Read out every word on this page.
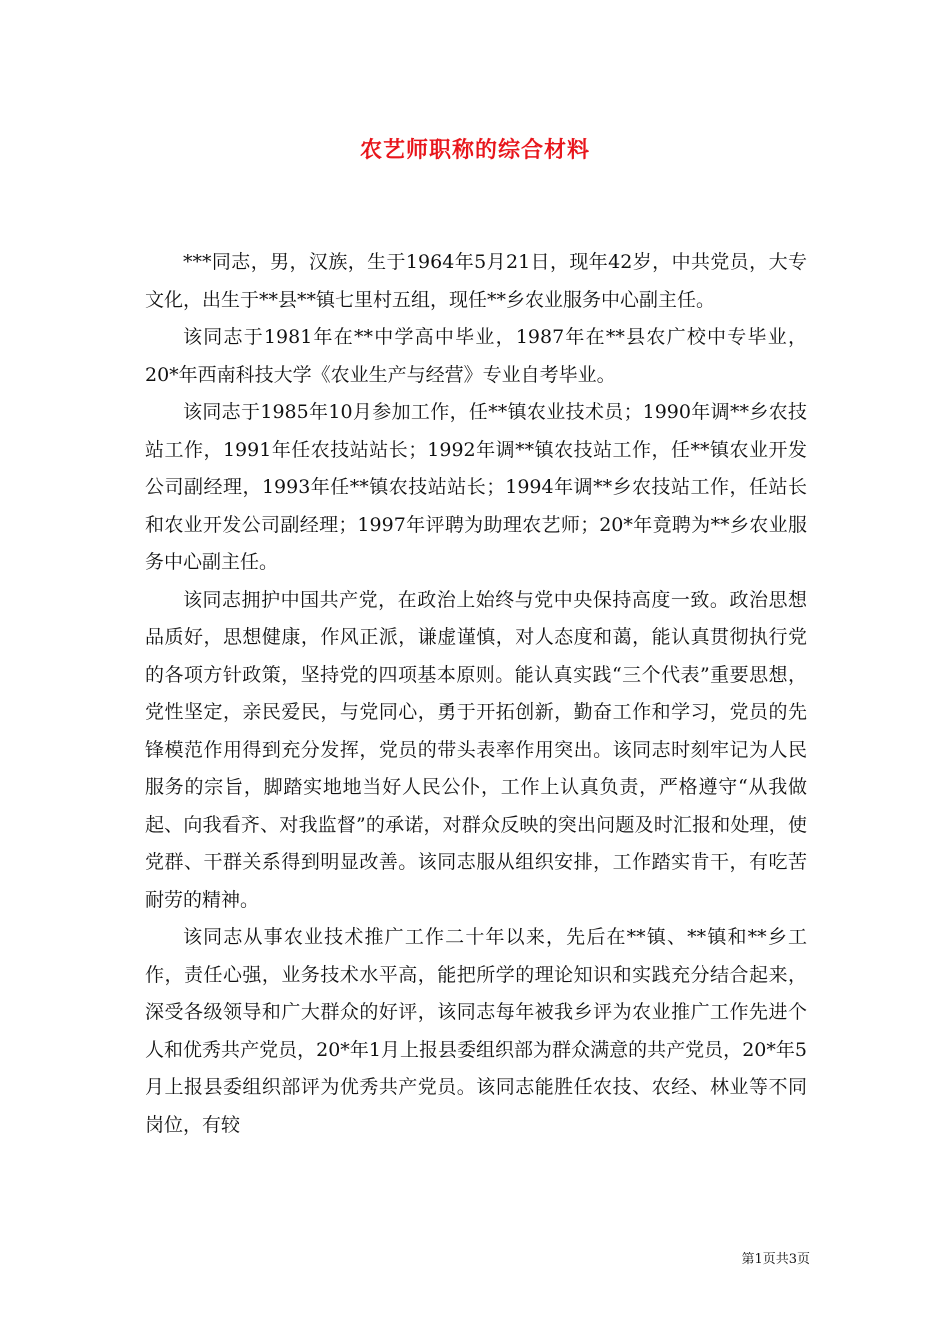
农艺师职称的综合材料

***同志，男，汉族，生于1964年5月21日，现年42岁，中共党员，大专文化，出生于**县**镇七里村五组，现任**乡农业服务中心副主任。

该同志于1981年在**中学高中毕业，1987年在**县农广校中专毕业，20*年西南科技大学《农业生产与经营》专业自考毕业。

该同志于1985年10月参加工作，任**镇农业技术员；1990年调**乡农技站工作，1991年任农技站站长；1992年调**镇农技站工作，任**镇农业开发公司副经理，1993年任**镇农技站站长；1994年调**乡农技站工作，任站长和农业开发公司副经理；1997年评聘为助理农艺师；20*年竟聘为**乡农业服务中心副主任。

该同志拥护中国共产党，在政治上始终与党中央保持高度一致。政治思想品质好，思想健康，作风正派，谦虚谨慎，对人态度和蔼，能认真贯彻执行党的各项方针政策，坚持党的四项基本原则。能认真实践“三个代表”重要思想，党性坚定，亲民爱民，与党同心，勇于开拓创新，勤奋工作和学习，党员的先锋模范作用得到充分发挥，党员的带头表率作用突出。该同志时刻牢记为人民服务的宗旨，脚踏实地地当好人民公仆，工作上认真负责，严格遵守“从我做起、向我看齐、对我监督”的承诺，对群众反映的突出问题及时汇报和处理，使党群、干群关系得到明显改善。该同志服从组织安排，工作踏实肯干，有吃苦耐劳的精神。

该同志从事农业技术推广工作二十年以来，先后在**镇、**镇和**乡工作，责任心强，业务技术水平高，能把所学的理论知识和实践充分结合起来，深受各级领导和广大群众的好评，该同志每年被我乡评为农业推广工作先进个人和优秀共产党员，20*年1月上报县委组织部为群众满意的共产党员，20*年5月上报县委组织部评为优秀共产党员。该同志能胜任农技、农经、林业等不同岗位，有较

第1页共3页
